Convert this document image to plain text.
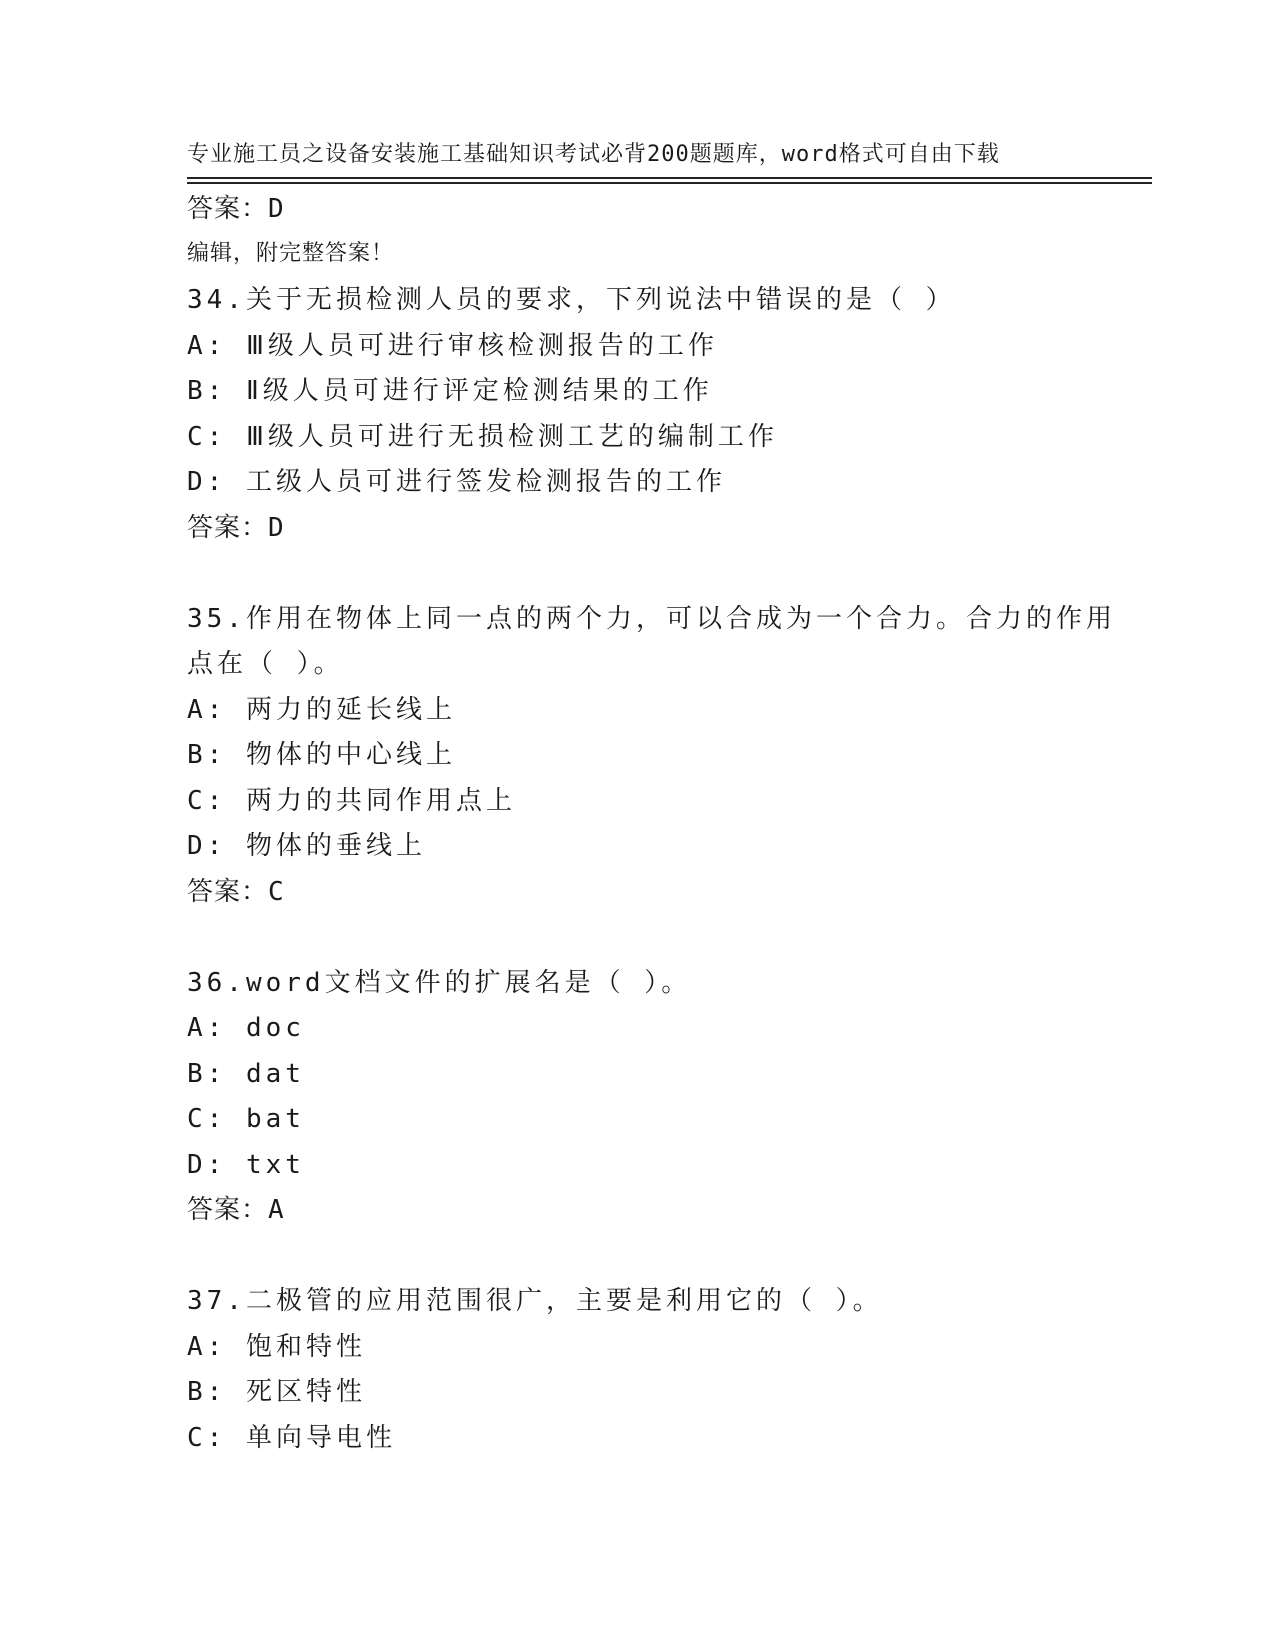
专业施工员之设备安装施工基础知识考试必背200题题库，word格式可自由下载

编辑，附完整答案！

答案：D
34.关于无损检测人员的要求，下列说法中错误的是（ ）
A: Ⅲ级人员可进行审核检测报告的工作
B: Ⅱ级人员可进行评定检测结果的工作
C: Ⅲ级人员可进行无损检测工艺的编制工作
D: 工级人员可进行签发检测报告的工作
答案：D
35.作用在物体上同一点的两个力，可以合成为一个合力。合力的作用
点在（ ）。
A: 两力的延长线上
B: 物体的中心线上
C: 两力的共同作用点上
D: 物体的垂线上
答案：C
36.word文档文件的扩展名是（ ）。
A: doc
B: dat
C: bat
D: txt
答案：A
37.二极管的应用范围很广，主要是利用它的（ ）。
A: 饱和特性
B: 死区特性
C: 单向导电性
